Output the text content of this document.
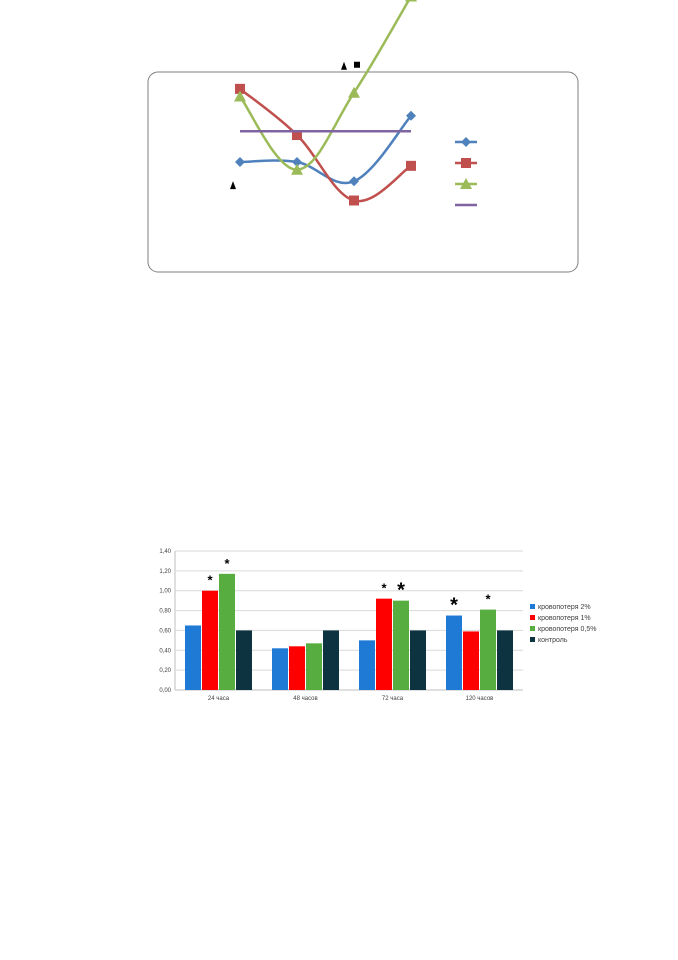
0,00
0,20
0,40
0,60
0,80
1,00
1,20
1,40
24 часа	48 часов	72 часа	120 часов
*
*
* *
* *
кровопотеря 2%
кровопотеря 1%
кровопотеря 0,5%
контроль
